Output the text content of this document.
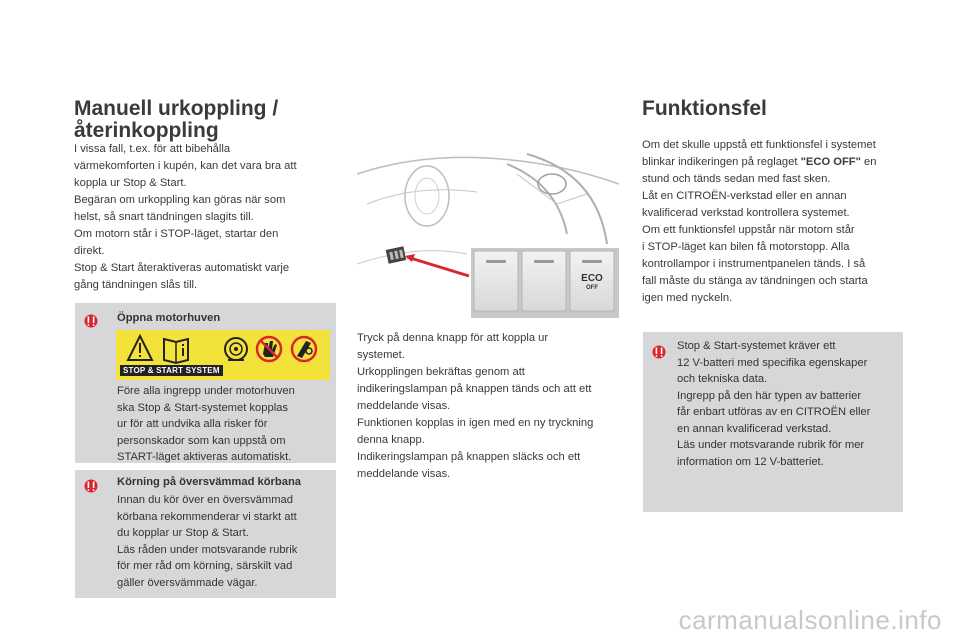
Manuell urkoppling /
återinkoppling

I vissa fall, t.ex. för att bibehålla

värmekomforten i kupén, kan det vara bra att

koppla ur Stop & Start.

Begäran om urkoppling kan göras när som

helst, så snart tändningen slagits till.

Om motorn står i STOP-läget, startar den

direkt.

Stop & Start återaktiveras automatiskt varje

gång tändningen slås till.

Öppna motorhuven

Före alla ingrepp under motorhuven

ska Stop & Start-systemet kopplas

ur för att undvika alla risker för

personskador som kan uppstå om

START-läget aktiveras automatiskt.

STOP & START SYSTEM
Körning på översvämmad körbana

Innan du kör över en översvämmad

körbana rekommenderar vi starkt att

du kopplar ur Stop & Start.

Läs råden under motsvarande rubrik

för mer råd om körning, särskilt vad

gäller översvämmade vägar.

ECO
OFF

Tryck på denna knapp för att koppla ur

systemet.

Urkopplingen bekräftas genom att

indikeringslampan på knappen tänds och att ett

meddelande visas.

Funktionen kopplas in igen med en ny tryckning

denna knapp.

Indikeringslampan på knappen släcks och ett

meddelande visas.

Funktionsfel

Om det skulle uppstå ett funktionsfel i systemet

blinkar indikeringen på reglaget "ECO OFF" en

stund och tänds sedan med fast sken.

Låt en CITROËN-verkstad eller en annan

kvalificerad verkstad kontrollera systemet.

Om ett funktionsfel uppstår när motorn står

i STOP-läget kan bilen få motorstopp. Alla

kontrollampor i instrumentpanelen tänds. I så

fall måste du stänga av tändningen och starta

igen med nyckeln.

Stop & Start-systemet kräver ett

12 V-batteri med specifika egenskaper

och tekniska data.

Ingrepp på den här typen av batterier

får enbart utföras av en CITROËN eller

en annan kvalificerad verkstad.

Läs under motsvarande rubrik för mer

information om 12 V-batteriet.

carmanualsonline.info
